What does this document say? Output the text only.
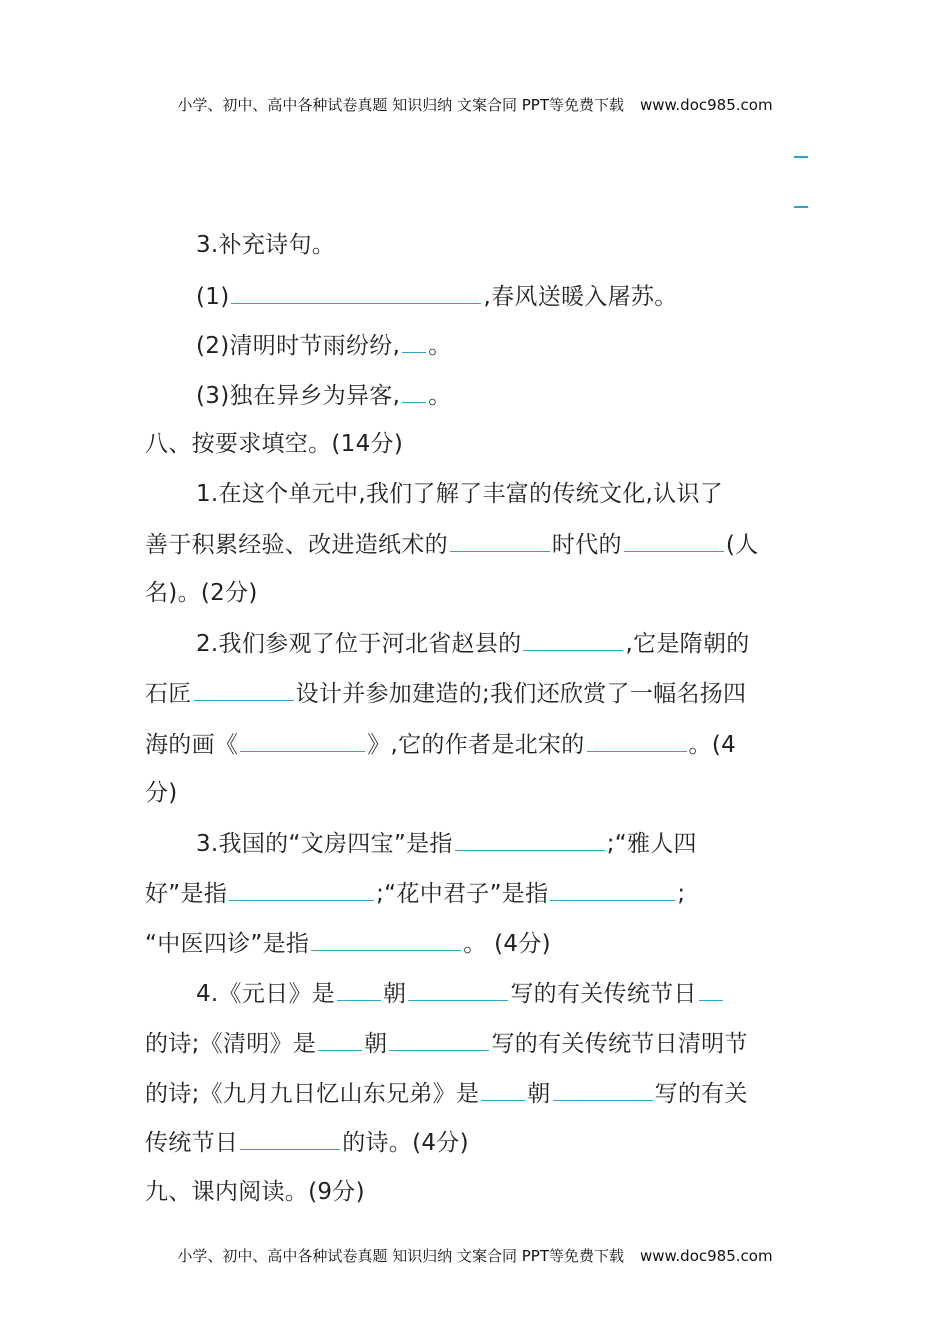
小学、初中、高中各种试卷真题 知识归纳 文案合同 PPT等免费下载 www.doc985.com
3.补充诗句。
(1)	,春风送暖入屠苏。
(2)清明时节雨纷纷, 。
(3)独在异乡为异客, 。
八、按要求填空。(14分)
1.在这个单元中,我们了解了丰富的传统文化,认识了
善于积累经验、改进造纸术的	时代的	(人
名)。(2分)
2.我们参观了位于河北省赵县的	,它是隋朝的
石匠	设计并参加建造的;我们还欣赏了一幅名扬四
海的画《	》,它的作者是北宋的	。(4
分)
3.我国的“文房四宝”是指	;“雅人四
好”是指	;“花中君子”是指	;
“中医四诊”是指	。 (4分)
4.《元日》是 朝	写的有关传统节日
的诗;《清明》是 朝	写的有关传统节日清明节
的诗;《九月九日忆山东兄弟》是 朝	写的有关
传统节日	的诗。(4分)
九、课内阅读。(9分)
小学、初中、高中各种试卷真题 知识归纳 文案合同 PPT等免费下载 www.doc985.com
